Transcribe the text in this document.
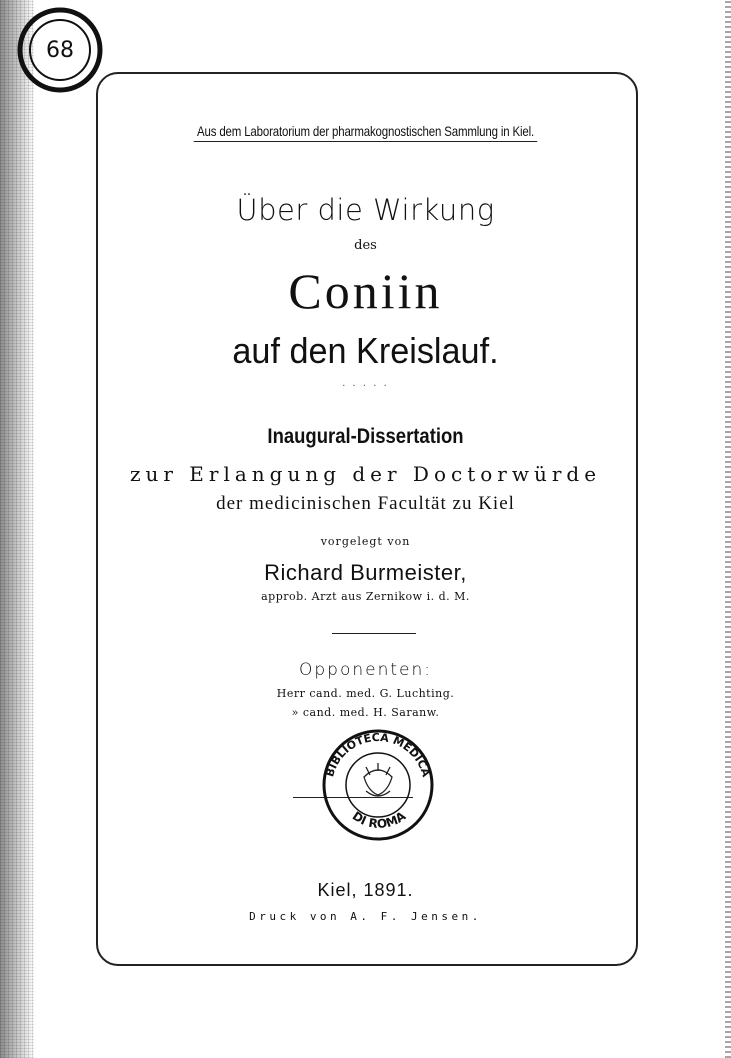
68
Aus dem Laboratorium der pharmakognostischen Sammlung in Kiel.
Über die Wirkung
des
Coniin
auf den Kreislauf.
· · · · ·
Inaugural-Dissertation
zur Erlangung der Doctorwürde
der medicinischen Facultät zu Kiel
vorgelegt von
Richard Burmeister,
approb. Arzt aus Zernikow i. d. M.
Opponenten:
Herr cand. med. G. Luchting.
» cand. med. H. Saranw.
BIBLIOTECA MEDICA
DI ROMA
Kiel, 1891.
Druck von A. F. Jensen.
